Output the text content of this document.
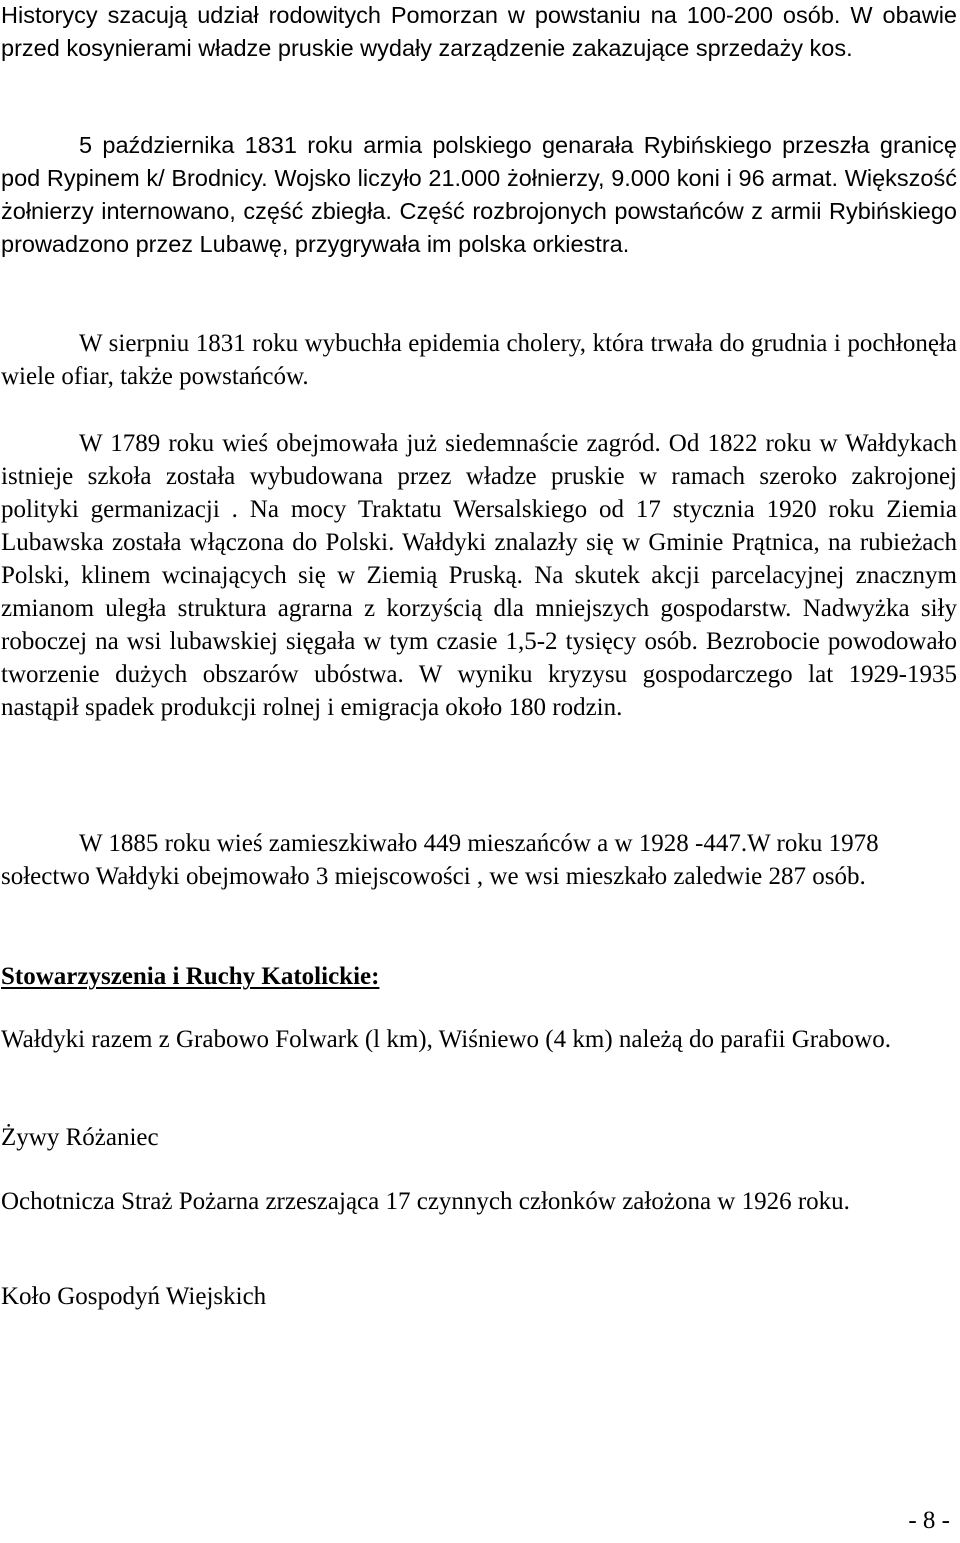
Historycy szacują udział rodowitych Pomorzan w powstaniu na 100-200 osób. W obawie przed kosynierami władze pruskie wydały zarządzenie zakazujące sprzedaży kos.

5 października 1831 roku armia polskiego genarała Rybińskiego przeszła granicę pod Rypinem k/ Brodnicy. Wojsko liczyło 21.000 żołnierzy, 9.000 koni i 96 armat. Większość żołnierzy internowano, część zbiegła. Część rozbrojonych powstańców z armii Rybińskiego prowadzono przez Lubawę, przygrywała im polska orkiestra.

W sierpniu 1831 roku wybuchła epidemia cholery, która trwała do grudnia i pochłonęła wiele ofiar, także powstańców.

W 1789 roku wieś obejmowała już siedemnaście zagród. Od 1822 roku w Wałdykach istnieje szkoła została wybudowana przez władze pruskie w ramach szeroko zakrojonej polityki germanizacji . Na mocy Traktatu Wersalskiego od 17 stycznia 1920 roku Ziemia Lubawska została włączona do Polski. Wałdyki znalazły się w Gminie Prątnica, na rubieżach Polski, klinem wcinających się w Ziemią Pruską. Na skutek akcji parcelacyjnej znacznym zmianom uległa struktura agrarna z korzyścią dla mniejszych gospodarstw. Nadwyżka siły roboczej na wsi lubawskiej sięgała w tym czasie 1,5-2 tysięcy osób. Bezrobocie powodowało tworzenie dużych obszarów ubóstwa. W wyniku kryzysu gospodarczego lat 1929-1935 nastąpił spadek produkcji rolnej i emigracja około 180 rodzin.

W 1885 roku wieś zamieszkiwało 449 mieszańców a w 1928 -447.W roku 1978 sołectwo Wałdyki obejmowało 3 miejscowości , we wsi mieszkało zaledwie 287 osób.

Stowarzyszenia i Ruchy Katolickie:

Wałdyki razem z Grabowo Folwark (l km), Wiśniewo (4 km) należą do parafii Grabowo.

Żywy Różaniec

Ochotnicza Straż Pożarna zrzeszająca 17 czynnych członków założona w 1926 roku.

Koło Gospodyń Wiejskich

- 8 -
